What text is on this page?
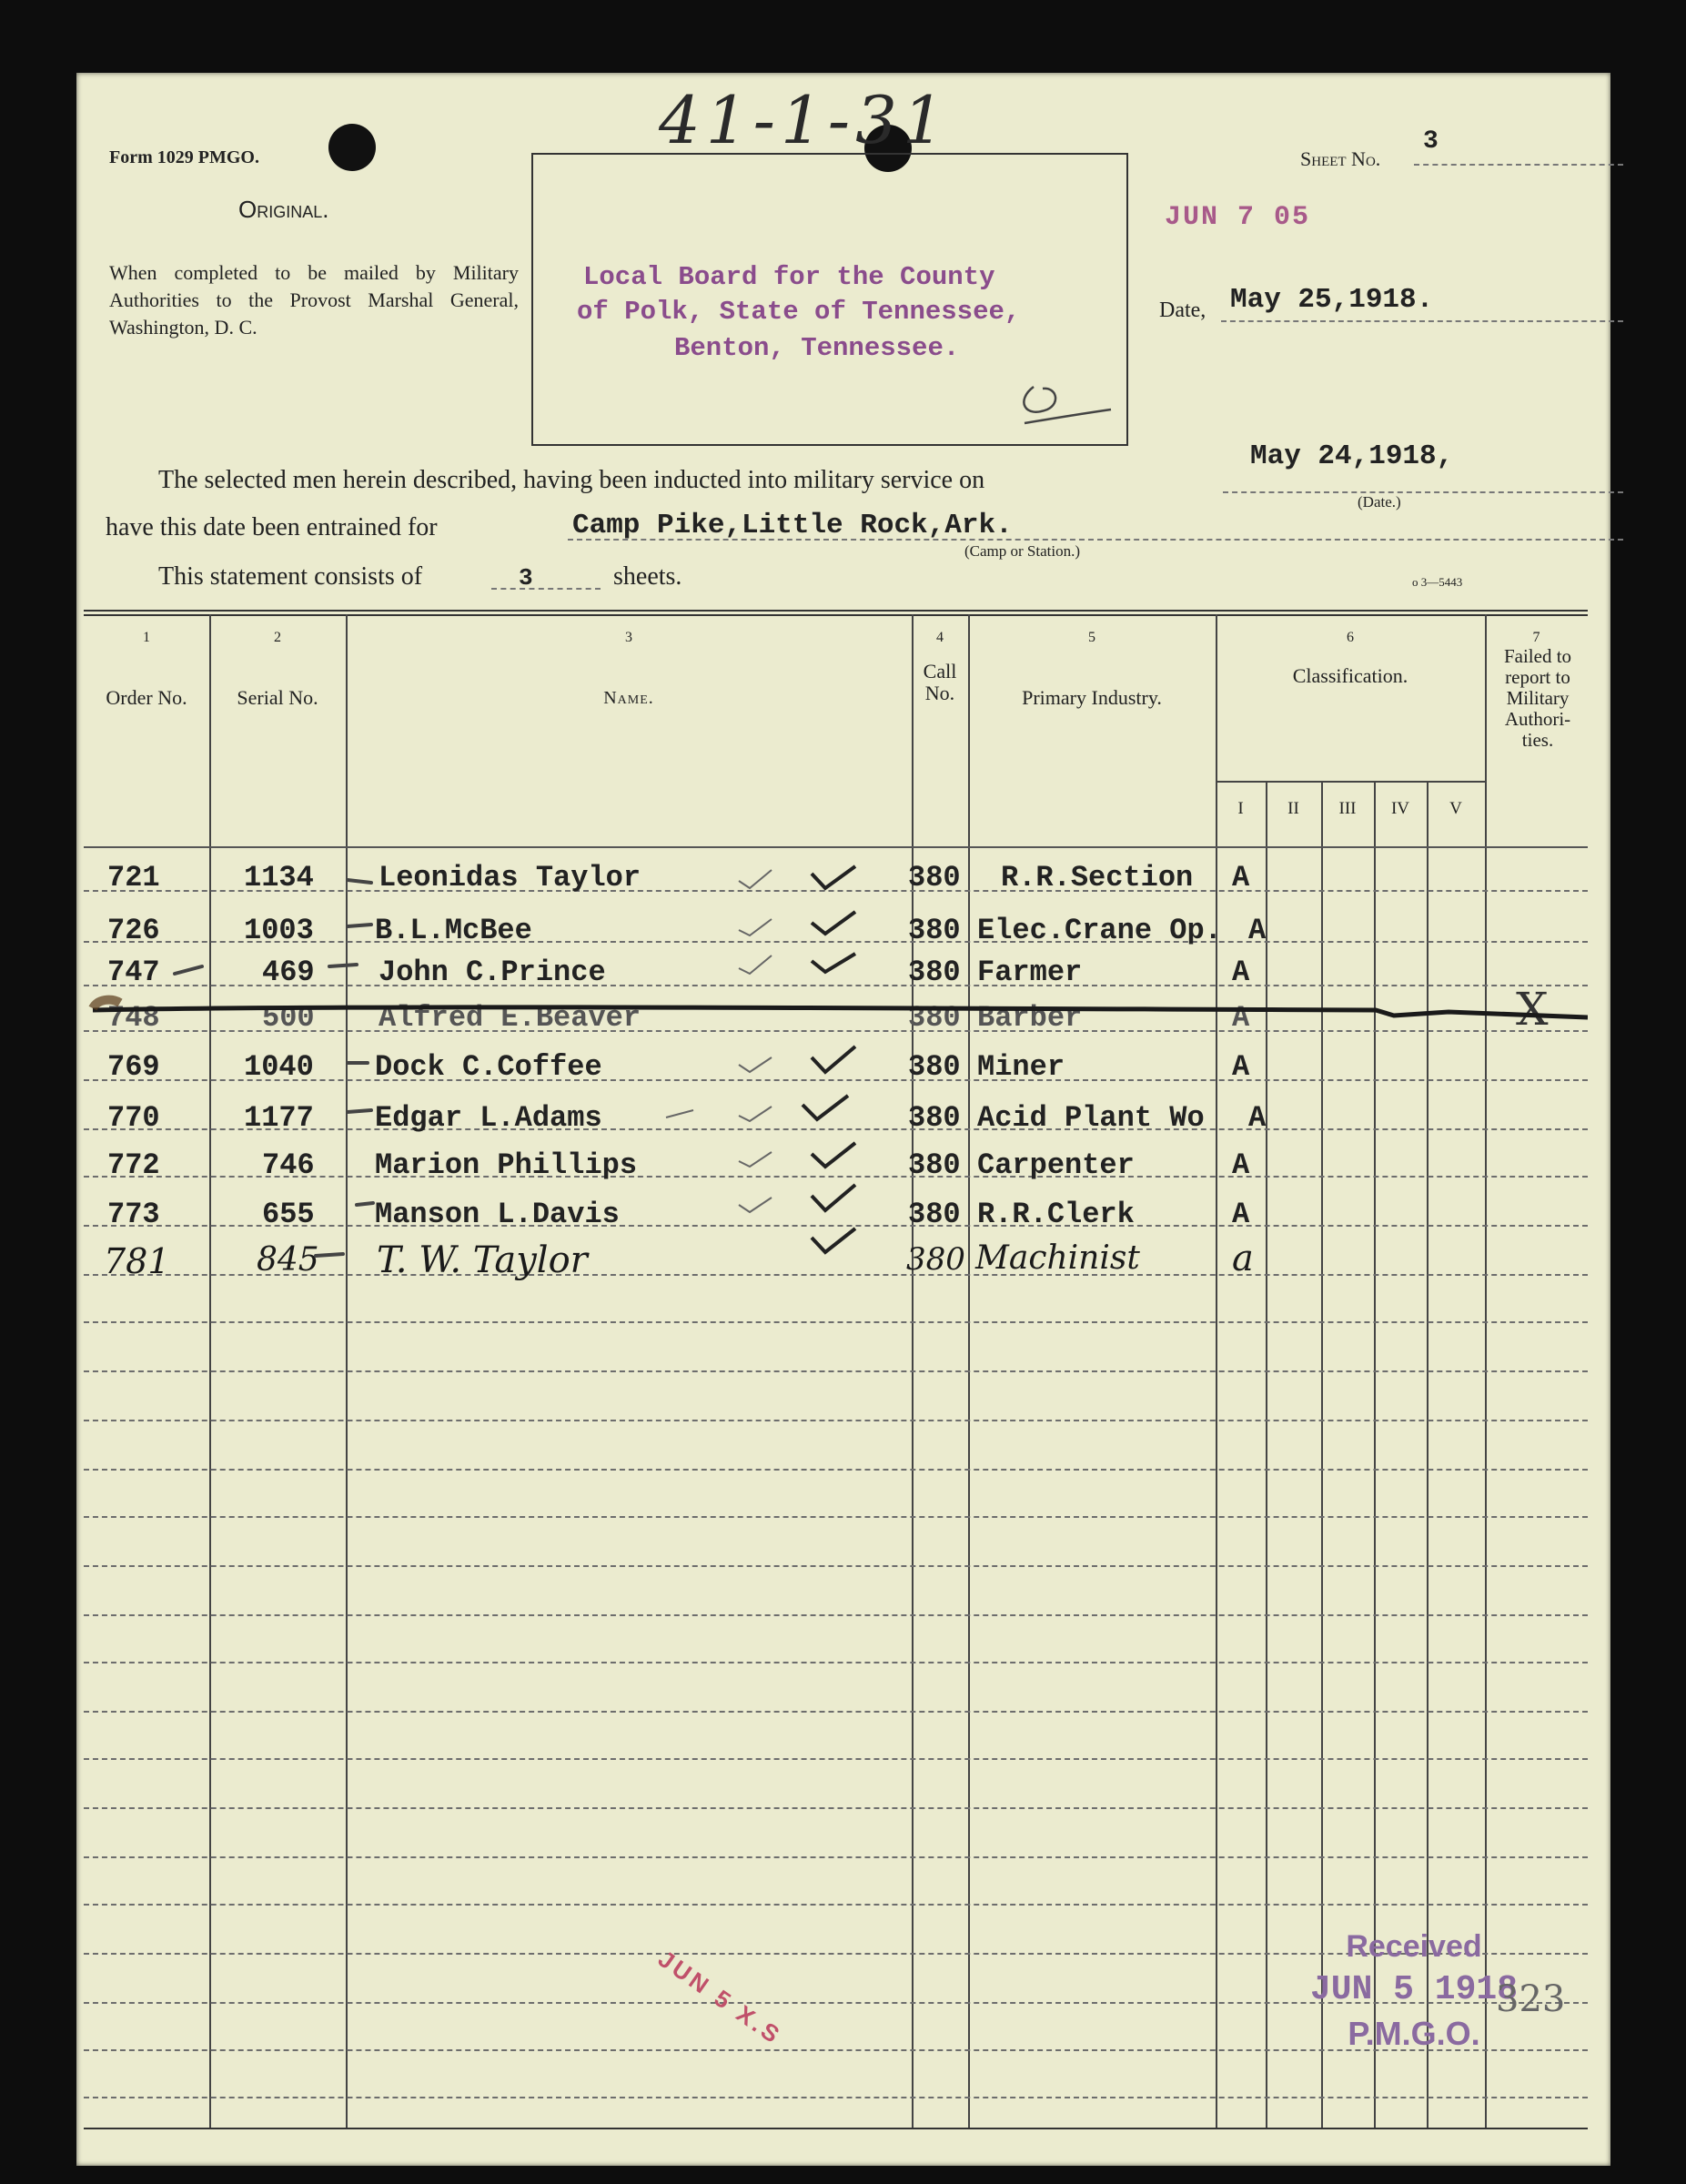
41-1-31
Form 1029 PMGO.
Original.
When completed to be mailed by Military Authorities to the Provost Marshal General, Washington, D. C.
Local Board for the County
of Polk, State of Tennessee,
Benton, Tennessee.
Sheet No.
3
JUN 7 05
Date, May 25,1918.
The selected men herein described, having been inducted into military service on
May 24,1918,
(Date.)
have this date been entrained for	Camp Pike,Little Rock,Ark.
(Camp or Station.)
This statement consists of	3	sheets.	o 3—5443
1	2	3	4	5	6	7
Order No.	Serial No.	Name.
Call No.	Primary Industry.
Classification.
I	II	III	IV	V
Failed to report to Military Authori-ties.
721	1134 Leonidas Taylor	380 R.R.Section A
726	1003 B.L.McBee	380 Elec.Crane Op. A
747	469 John C.Prince	380 Farmer	A
748	500 Alfred E.Beaver	380 Barber	A	X
769	1040 Dock C.Coffee	380 Miner	A
770	1177 Edgar L.Adams	380 Acid Plant Wo A
772	746 Marion Phillips	380 Carpenter	A
773	655 Manson L.Davis	380 R.R.Clerk	A
781	845 T. W. Taylor	380 Machinist	a
JUN 5 X.S	Received
JUN 5 1918
P.M.G.O.
323
